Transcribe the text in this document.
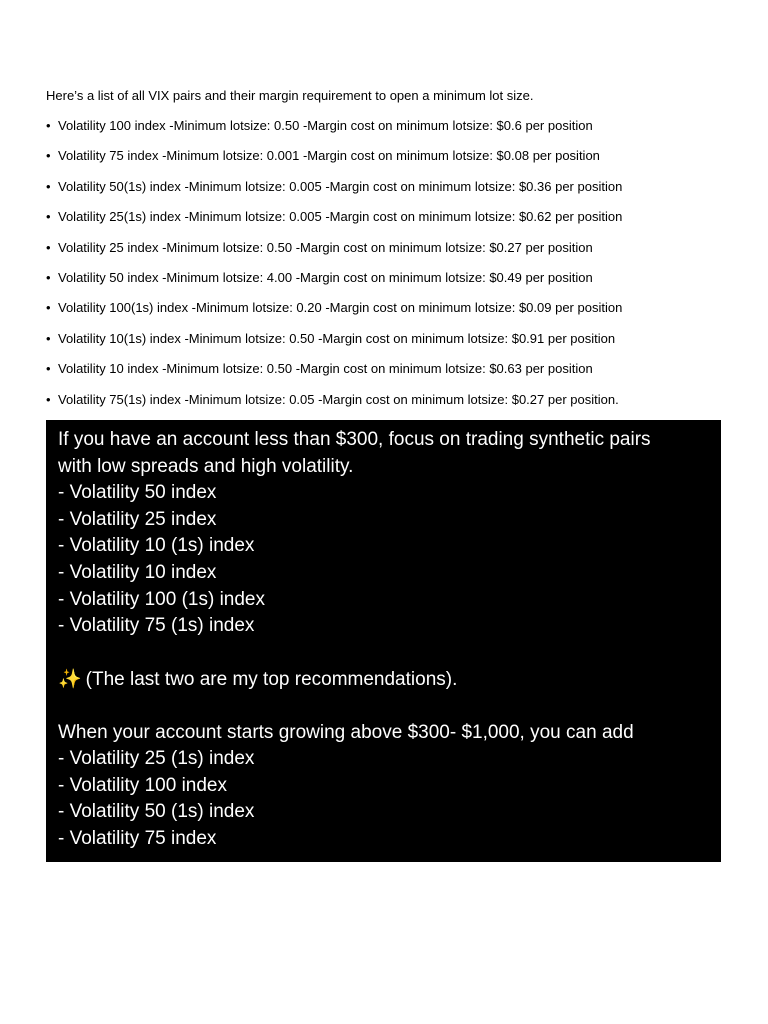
Here’s a list of all VIX pairs and their margin requirement to open a minimum lot size.
• Volatility 100 index -Minimum lotsize: 0.50 -Margin cost on minimum lotsize: $0.6 per position
• Volatility 75 index -Minimum lotsize: 0.001 -Margin cost on minimum lotsize: $0.08 per position
• Volatility 50(1s) index -Minimum lotsize: 0.005 -Margin cost on minimum lotsize: $0.36 per position
• Volatility 25(1s) index -Minimum lotsize: 0.005 -Margin cost on minimum lotsize: $0.62 per position
• Volatility 25 index -Minimum lotsize: 0.50 -Margin cost on minimum lotsize: $0.27 per position
• Volatility 50 index -Minimum lotsize: 4.00 -Margin cost on minimum lotsize: $0.49 per position
• Volatility 100(1s) index -Minimum lotsize: 0.20 -Margin cost on minimum lotsize: $0.09 per position
• Volatility 10(1s) index -Minimum lotsize: 0.50 -Margin cost on minimum lotsize: $0.91 per position
• Volatility 10 index -Minimum lotsize: 0.50 -Margin cost on minimum lotsize: $0.63 per position
• Volatility 75(1s) index -Minimum lotsize: 0.05 -Margin cost on minimum lotsize: $0.27 per position.
If you have an account less than $300, focus on trading synthetic pairs
with low spreads and high volatility.
- Volatility 50 index
- Volatility 25 index
- Volatility 10 (1s) index
- Volatility 10 index
- Volatility 100 (1s) index
- Volatility 75 (1s) index
✨ (The last two are my top recommendations).
When your account starts growing above $300- $1,000, you can add
- Volatility 25 (1s) index
- Volatility 100 index
- Volatility 50 (1s) index
- Volatility 75 index
